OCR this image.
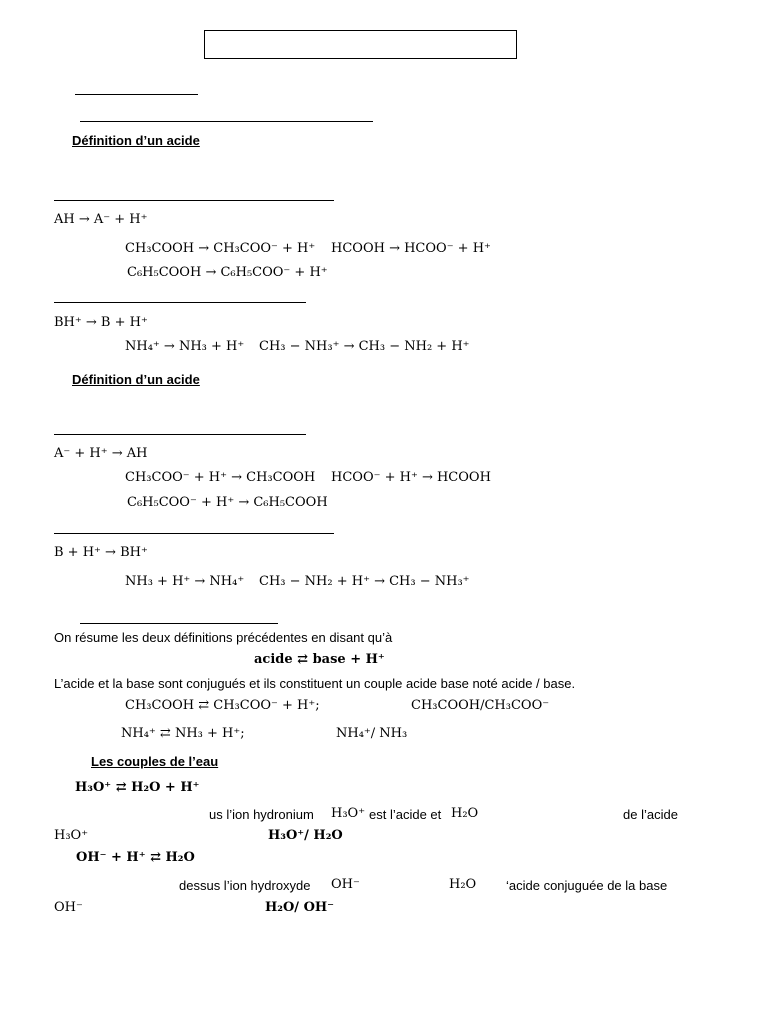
Définition d’un acide
AH → A⁻ + H⁺
CH₃COOH → CH₃COO⁻ + H⁺ HCOOH → HCOO⁻ + H⁺
C₆H₅COOH → C₆H₅COO⁻ + H⁺
BH⁺ → B + H⁺
NH₄⁺ → NH₃ + H⁺ CH₃ − NH₃⁺ → CH₃ − NH₂ + H⁺
Définition d’un acide
A⁻ + H⁺ → AH
CH₃COO⁻ + H⁺ → CH₃COOH HCOO⁻ + H⁺ → HCOOH
C₆H₅COO⁻ + H⁺ → C₆H₅COOH
B + H⁺ → BH⁺
NH₃ + H⁺ → NH₄⁺ CH₃ − NH₂ + H⁺ → CH₃ − NH₃⁺
On résume les deux définitions précédentes en disant qu’à
acide ⇄ base + H⁺
L’acide et la base sont conjugués et ils constituent un couple acide base noté acide / base.
CH₃COOH ⇄ CH₃COO⁻ + H⁺;	CH₃COOH/CH₃COO⁻
NH₄⁺ ⇄ NH₃ + H⁺;	NH₄⁺/ NH₃
Les couples de l’eau
H₃O⁺ ⇄ H₂O + H⁺
us l’ion hydronium H₃O⁺ est l’acide et H₂O	de l’acide
H₃O⁺	H₃O⁺/ H₂O
OH⁻ + H⁺ ⇄ H₂O
dessus l’ion hydroxyde OH⁻	H₂O ‘acide conjuguée de la base
OH⁻	H₂O/ OH⁻
